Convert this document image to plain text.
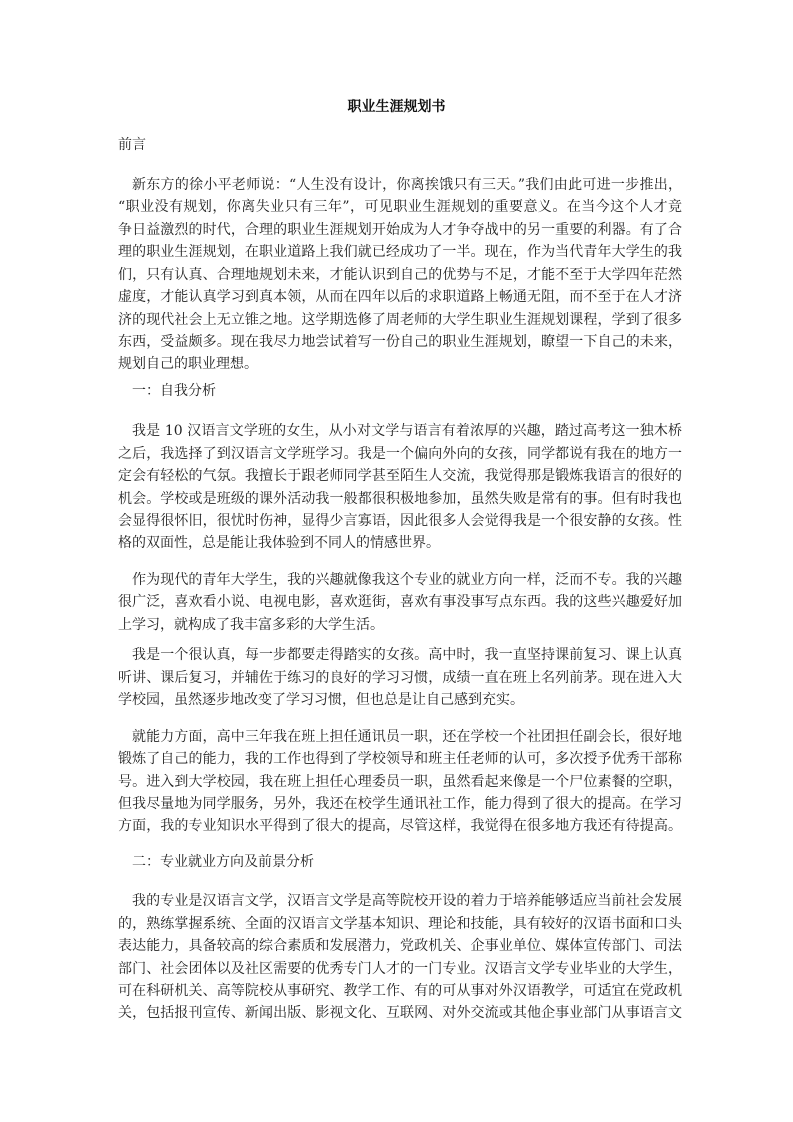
职业生涯规划书
前言
新东方的徐小平老师说：“人生没有设计，你离挨饿只有三天。”我们由此可进一步推出，
“职业没有规划，你离失业只有三年”，可见职业生涯规划的重要意义。在当今这个人才竞
争日益激烈的时代，合理的职业生涯规划开始成为人才争夺战中的另一重要的利器。有了合
理的职业生涯规划，在职业道路上我们就已经成功了一半。现在，作为当代青年大学生的我
们，只有认真、合理地规划未来，才能认识到自己的优势与不足，才能不至于大学四年茫然
虚度，才能认真学习到真本领，从而在四年以后的求职道路上畅通无阻，而不至于在人才济
济的现代社会上无立锥之地。这学期选修了周老师的大学生职业生涯规划课程，学到了很多
东西，受益颇多。现在我尽力地尝试着写一份自己的职业生涯规划，瞭望一下自己的未来，
规划自己的职业理想。
一：自我分析
我是 10 汉语言文学班的女生，从小对文学与语言有着浓厚的兴趣，踏过高考这一独木桥
之后，我选择了到汉语言文学班学习。我是一个偏向外向的女孩，同学都说有我在的地方一
定会有轻松的气氛。我擅长于跟老师同学甚至陌生人交流，我觉得那是锻炼我语言的很好的
机会。学校或是班级的课外活动我一般都很积极地参加，虽然失败是常有的事。但有时我也
会显得很怀旧，很忧时伤神，显得少言寡语，因此很多人会觉得我是一个很安静的女孩。性
格的双面性，总是能让我体验到不同人的情感世界。
作为现代的青年大学生，我的兴趣就像我这个专业的就业方向一样，泛而不专。我的兴趣
很广泛，喜欢看小说、电视电影，喜欢逛街，喜欢有事没事写点东西。我的这些兴趣爱好加
上学习，就构成了我丰富多彩的大学生活。
我是一个很认真，每一步都要走得踏实的女孩。高中时，我一直坚持课前复习、课上认真
听讲、课后复习，并辅佐于练习的良好的学习习惯，成绩一直在班上名列前茅。现在进入大
学校园，虽然逐步地改变了学习习惯，但也总是让自己感到充实。
就能力方面，高中三年我在班上担任通讯员一职，还在学校一个社团担任副会长，很好地
锻炼了自己的能力，我的工作也得到了学校领导和班主任老师的认可，多次授予优秀干部称
号。进入到大学校园，我在班上担任心理委员一职，虽然看起来像是一个尸位素餐的空职，
但我尽量地为同学服务，另外，我还在校学生通讯社工作，能力得到了很大的提高。在学习
方面，我的专业知识水平得到了很大的提高，尽管这样，我觉得在很多地方我还有待提高。
二：专业就业方向及前景分析
我的专业是汉语言文学，汉语言文学是高等院校开设的着力于培养能够适应当前社会发展
的，熟练掌握系统、全面的汉语言文学基本知识、理论和技能，具有较好的汉语书面和口头
表达能力，具备较高的综合素质和发展潜力，党政机关、企事业单位、媒体宣传部门、司法
部门、社会团体以及社区需要的优秀专门人才的一门专业。汉语言文学专业毕业的大学生，
可在科研机关、高等院校从事研究、教学工作、有的可从事对外汉语教学，可适宜在党政机
关，包括报刊宣传、新闻出版、影视文化、互联网、对外交流或其他企事业部门从事语言文
